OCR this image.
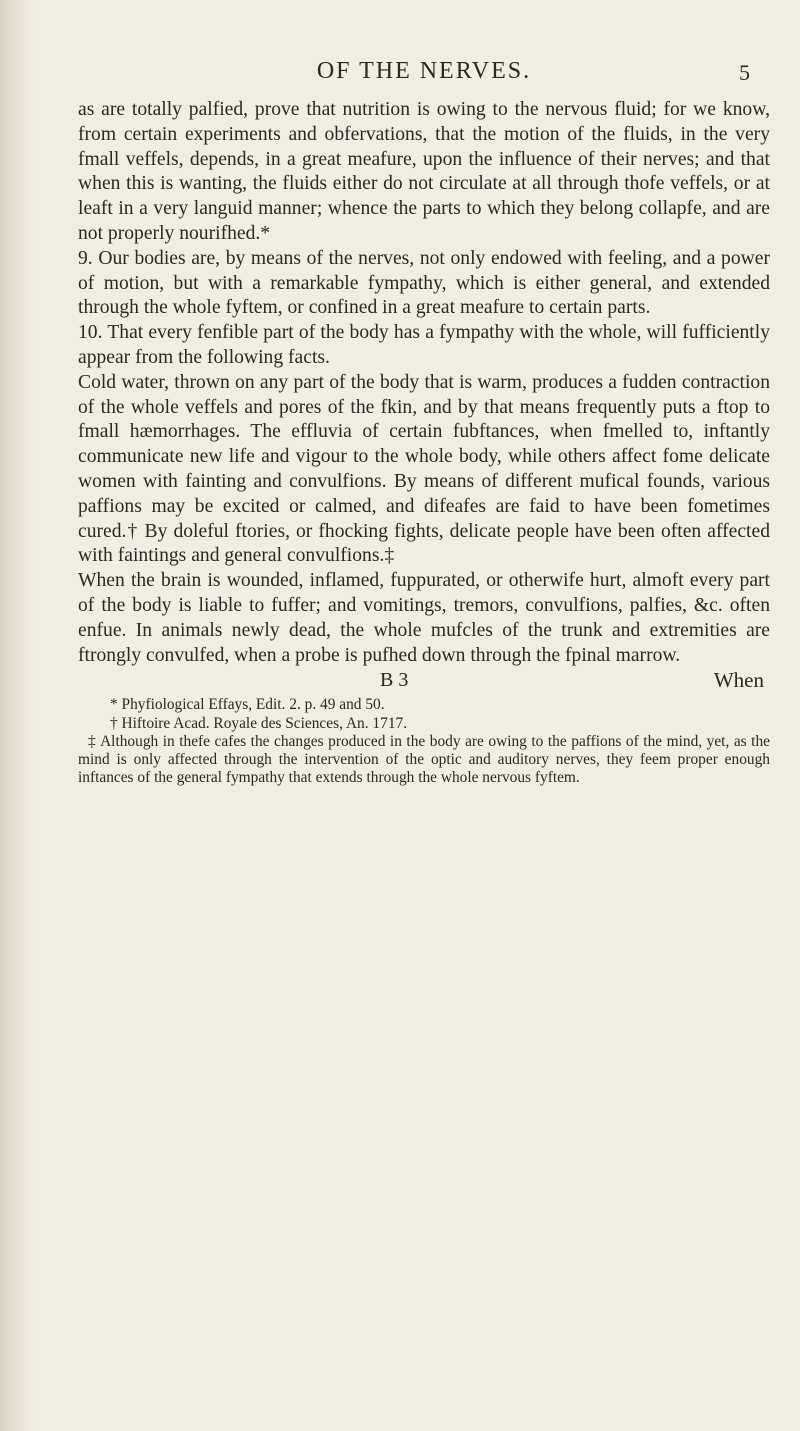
OF THE NERVES.	5

as are totally palfied, prove that nutrition is owing to the nervous fluid; for we know, from certain experiments and obfervations, that the motion of the fluids, in the very fmall veffels, depends, in a great meafure, upon the influence of their nerves; and that when this is wanting, the fluids either do not circulate at all through thofe veffels, or at leaft in a very languid manner; whence the parts to which they belong collapfe, and are not properly nourifhed.*

9. Our bodies are, by means of the nerves, not only endowed with feeling, and a power of motion, but with a remarkable fympathy, which is either general, and extended through the whole fyftem, or confined in a great meafure to certain parts.

10. That every fenfible part of the body has a fympathy with the whole, will fufficiently appear from the following facts.

Cold water, thrown on any part of the body that is warm, produces a fudden contraction of the whole veffels and pores of the fkin, and by that means frequently puts a ftop to fmall hæmorrhages. The effluvia of certain fubftances, when fmelled to, inftantly communicate new life and vigour to the whole body, while others affect fome delicate women with fainting and convulfions. By means of different mufical founds, various paffions may be excited or calmed, and difeafes are faid to have been fometimes cured.† By doleful ftories, or fhocking fights, delicate people have been often affected with faintings and general convulfions.‡

When the brain is wounded, inflamed, fuppurated, or otherwife hurt, almoft every part of the body is liable to fuffer; and vomitings, tremors, convulfions, palfies, &c. often enfue. In animals newly dead, the whole mufcles of the trunk and extremities are ftrongly convulfed, when a probe is pufhed down through the fpinal marrow.

B 3	When

* Phyfiological Effays, Edit. 2. p. 49 and 50.

† Hiftoire Acad. Royale des Sciences, An. 1717.

‡ Although in thefe cafes the changes produced in the body are owing to the paffions of the mind, yet, as the mind is only affected through the intervention of the optic and auditory nerves, they feem proper enough inftances of the general fympathy that extends through the whole nervous fyftem.
